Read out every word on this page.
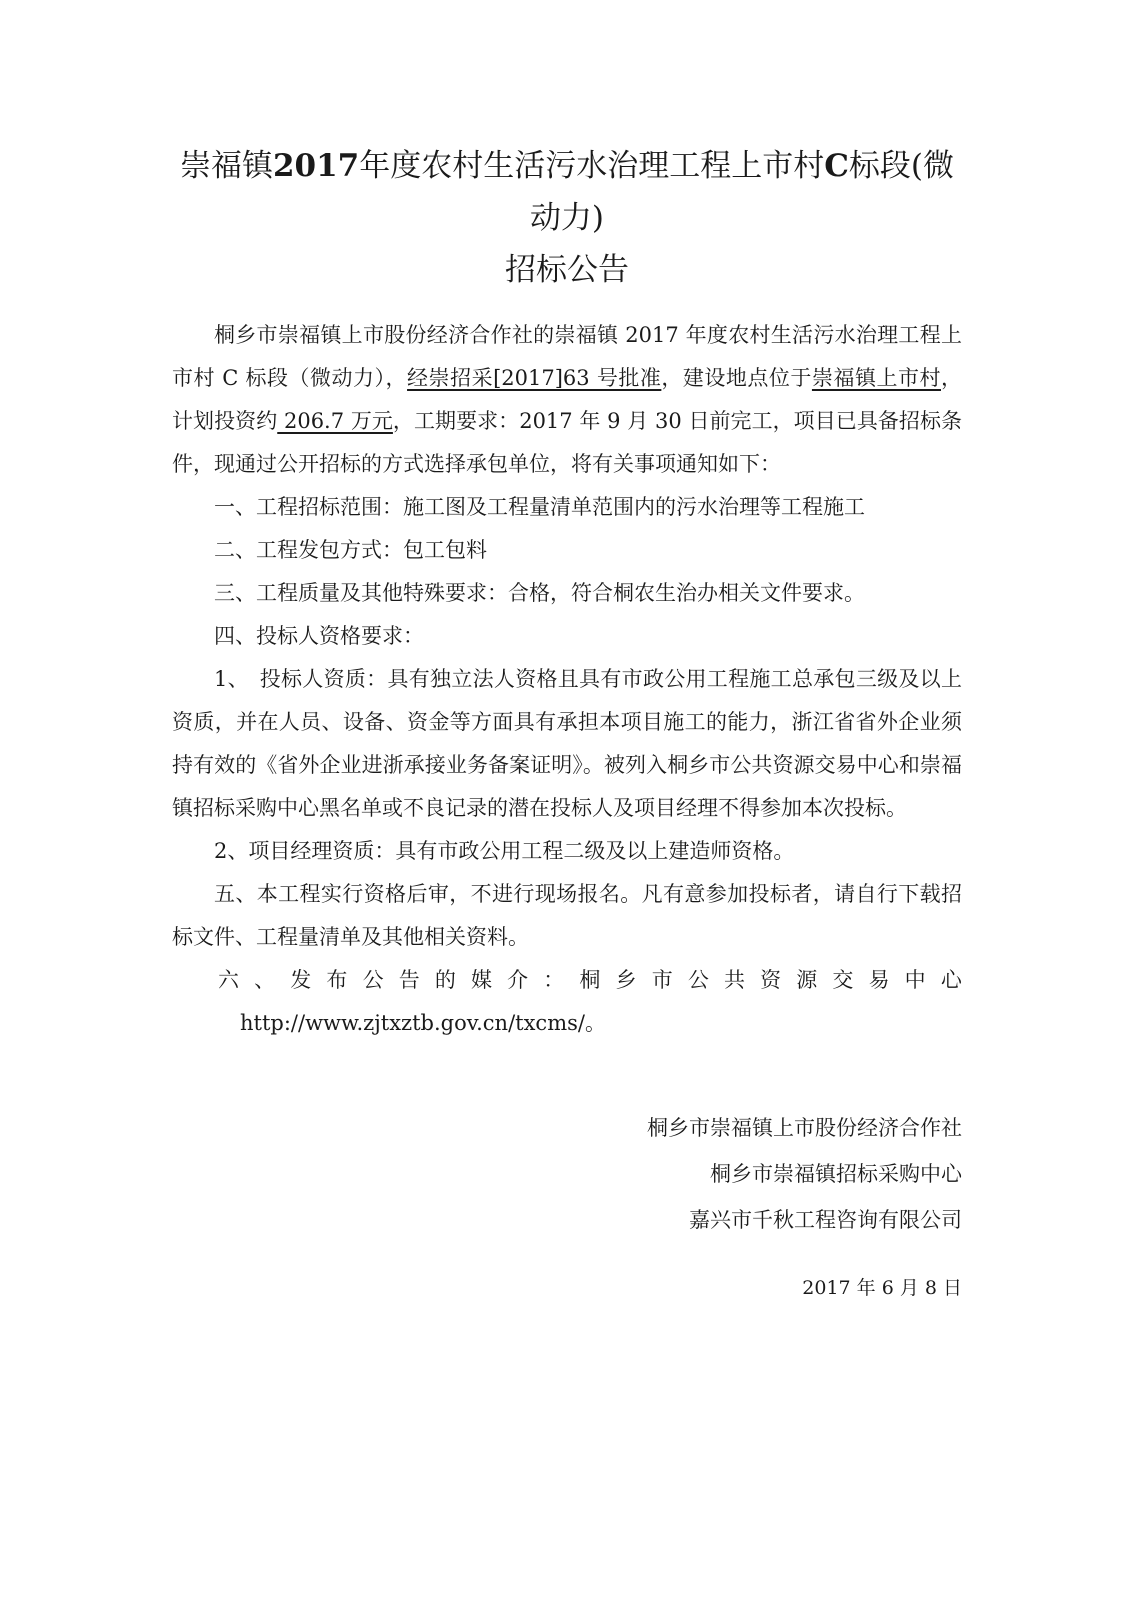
崇福镇2017年度农村生活污水治理工程上市村C标段(微动力)
招标公告

桐乡市崇福镇上市股份经济合作社的崇福镇 2017 年度农村生活污水治理工程上市村 C 标段（微动力），经崇招采[2017]63 号批准，建设地点位于崇福镇上市村，计划投资约 206.7 万元，工期要求：2017 年 9 月 30 日前完工，项目已具备招标条件，现通过公开招标的方式选择承包单位，将有关事项通知如下：

一、工程招标范围：施工图及工程量清单范围内的污水治理等工程施工

二、工程发包方式：包工包料

三、工程质量及其他特殊要求：合格，符合桐农生治办相关文件要求。

四、投标人资格要求：

1、　投标人资质：具有独立法人资格且具有市政公用工程施工总承包三级及以上资质，并在人员、设备、资金等方面具有承担本项目施工的能力，浙江省省外企业须持有效的《省外企业进浙承接业务备案证明》。被列入桐乡市公共资源交易中心和崇福镇招标采购中心黑名单或不良记录的潜在投标人及项目经理不得参加本次投标。

2、项目经理资质：具有市政公用工程二级及以上建造师资格。

五、本工程实行资格后审，不进行现场报名。凡有意参加投标者，请自行下载招标文件、工程量清单及其他相关资料。

六 、 发 布 公 告 的 媒 介 ： 桐 乡 市 公 共 资 源 交 易 中 心

http://www.zjtxztb.gov.cn/txcms/。

桐乡市崇福镇上市股份经济合作社
桐乡市崇福镇招标采购中心
嘉兴市千秋工程咨询有限公司
2017 年 6 月 8 日
